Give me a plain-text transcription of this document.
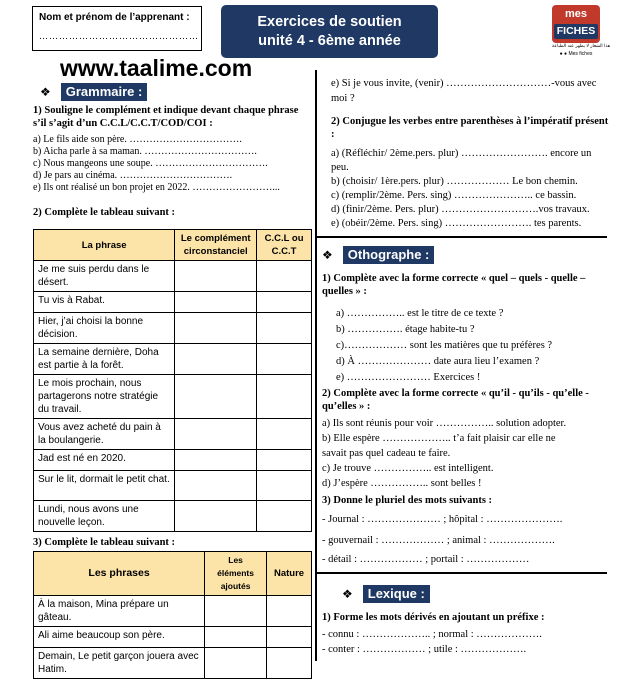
Nom et prénom de l’apprenant :
…………………………………………
Exercices de soutien
unité 4 - 6ème année
mes
FICHES
هذا الشعار لا يظهر عند الطباعة
● ● Mes fiches
www.taalime.com
❖	Grammaire :
1) Souligne le complément et indique devant chaque phrase s’il s’agit d’un C.C.L/C.C.T/COD/COI :
a) Le fils aide son père. …………………………….
b) Aicha parle à sa maman. …………………………….
c) Nous mangeons une soupe. …………………………….
d) Je pars au cinéma. …………………………….
e) Ils ont réalisé un bon projet en 2022. ……………………...
2) Complète le tableau suivant :
La phrase	Le complément circonstanciel	C.C.L ou C.C.T
Je me suis perdu dans le désert.		
Tu vis à Rabat.		
Hier, j’ai choisi la bonne décision.		
La semaine dernière, Doha est partie à la forêt.		
Le mois prochain, nous partagerons notre stratégie du travail.		
Vous avez acheté du pain à la boulangerie.		
Jad est né en 2020.		
Sur le lit, dormait le petit chat.		
Lundi, nous avons une nouvelle leçon.		
3) Complète le tableau suivant :
Les phrases	Les éléments ajoutés	Nature
À la maison, Mina prépare un gâteau.		
Ali aime beaucoup son père.		
Demain, Le petit garçon jouera avec Hatim.		
e) Si je vous invite, (venir) …………………………-vous avec moi ?
2) Conjugue les verbes entre parenthèses à l’impératif présent :
a) (Réfléchir/ 2ème.pers. plur) ……………………. encore un peu.
b) (choisir/ 1ère.pers. plur) ……………… Le bon chemin.
c) (remplir/2ème. Pers. sing) ………………….. ce bassin.
d) (finir/2ème. Pers. plur) ……………………….vos travaux.
e) (obéir/2ème. Pers. sing) ……………………. tes parents.
❖	Othographe :
1) Complète avec la forme correcte « quel – quels - quelle – quelles » :
a) …………….. est le titre de ce texte ?
b) ……………. étage habite-tu ?
c)……………… sont les matières que tu préfères ?
d) À ………………… date aura lieu l’examen ?
e) …………………… Exercices !
2) Complète avec la forme correcte « qu’il - qu’ils - qu’elle - qu’elles » :
a) Ils sont réunis pour voir …………….. solution adopter.
b) Elle espère ……………….. t’a fait plaisir car elle ne
savait pas quel cadeau te faire.
c) Je trouve …………….. est intelligent.
d) J’espère …………….. sont belles !
3) Donne le pluriel des mots suivants :
- Journal : ………………… ; hôpital : ………………….
- gouvernail : ……………… ; animal : ……………….
- détail : ……………… ; portail : ………………
❖	Lexique :
1) Forme les mots dérivés en ajoutant un préfixe :
- connu : ……………….. ; normal : ……………….
- conter : ……………… ; utile : ……………….
